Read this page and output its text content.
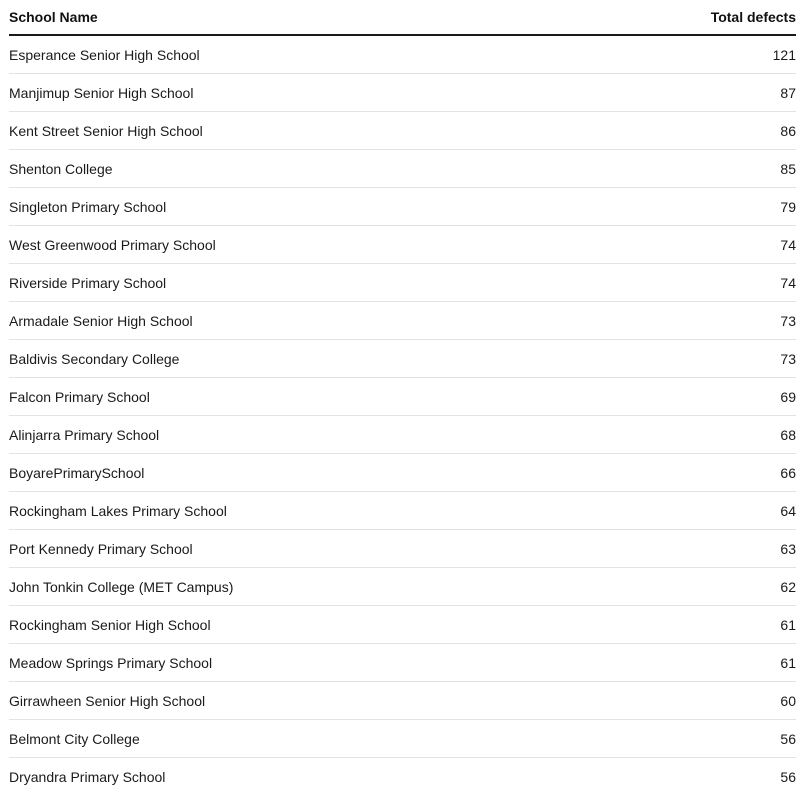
School Name	Total defects
Esperance Senior High School	121
Manjimup Senior High School	87
Kent Street Senior High School	86
Shenton College	85
Singleton Primary School	79
West Greenwood Primary School	74
Riverside Primary School	74
Armadale Senior High School	73
Baldivis Secondary College	73
Falcon Primary School	69
Alinjarra Primary School	68
BoyarePrimarySchool	66
Rockingham Lakes Primary School	64
Port Kennedy Primary School	63
John Tonkin College (MET Campus)	62
Rockingham Senior High School	61
Meadow Springs Primary School	61
Girrawheen Senior High School	60
Belmont City College	56
Dryandra Primary School	56
